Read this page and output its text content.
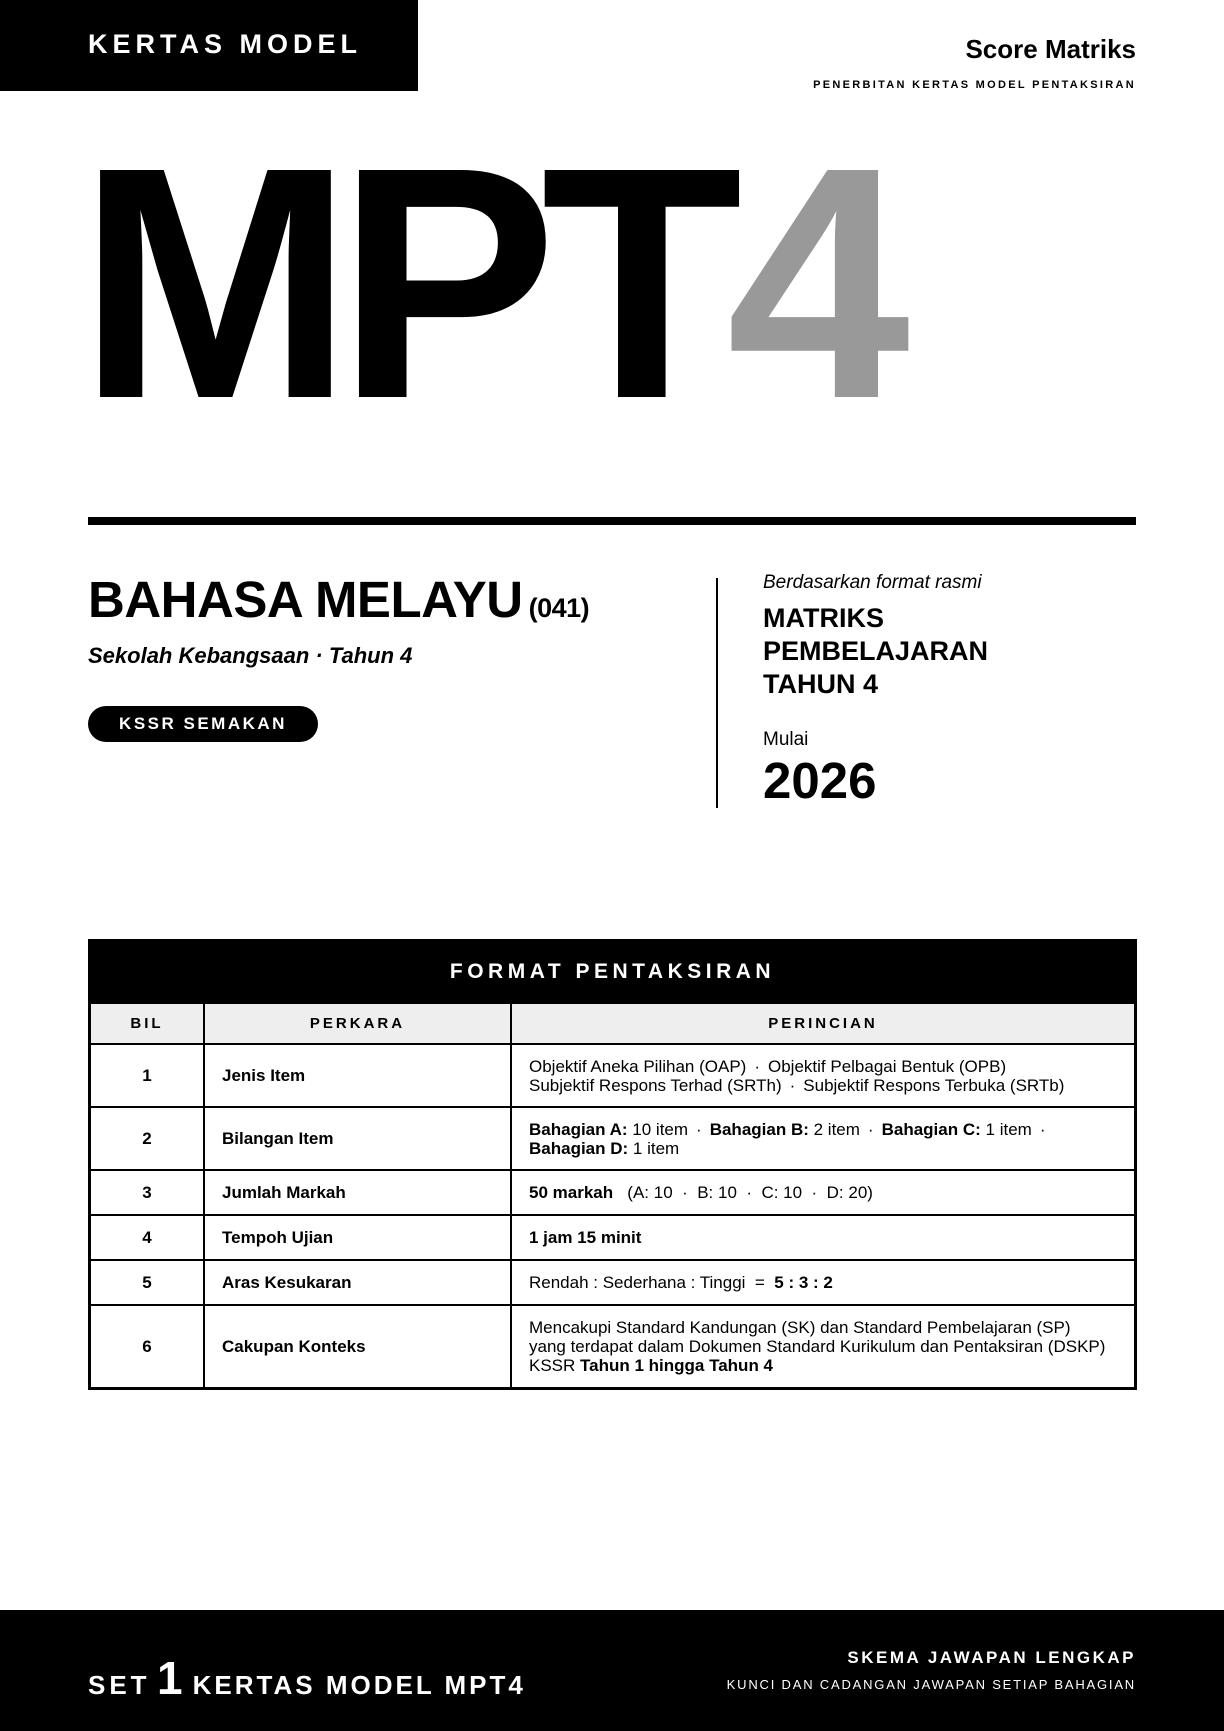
KERTAS MODEL	Score Matriks
PENERBITAN KERTAS MODEL PENTAKSIRAN
MPT4
BAHASA MELAYU (041)
Sekolah Kebangsaan · Tahun 4
KSSR SEMAKAN
Berdasarkan format rasmi
MATRIKS
PEMBELAJARAN
TAHUN 4
Mulai
2026
FORMAT PENTAKSIRAN
BIL	PERKARA	PERINCIAN
1	Jenis Item	Objektif Aneka Pilihan (OAP) · Objektif Pelbagai Bentuk (OPB)
Subjektif Respons Terhad (SRTh) · Subjektif Respons Terbuka (SRTb)

2	Bilangan Item	Bahagian A: 10 item · Bahagian B: 2 item · Bahagian C: 1 item ·
Bahagian D: 1 item

3	Jumlah Markah	50 markah (A: 10  ·  B: 10  ·  C: 10  ·  D: 20)

4	Tempoh Ujian	1 jam 15 minit
5	Aras Kesukaran	Rendah : Sederhana : Tinggi  = 5 : 3 : 2

6	Cakupan Konteks	Mencakupi Standard Kandungan (SK) dan Standard Pembelajaran (SP)
yang terdapat dalam Dokumen Standard Kurikulum dan Pentaksiran (DSKP)
KSSR Tahun 1 hingga Tahun 4
SET 1 KERTAS MODEL MPT4
SKEMA JAWAPAN LENGKAP
KUNCI DAN CADANGAN JAWAPAN SETIAP BAHAGIAN
